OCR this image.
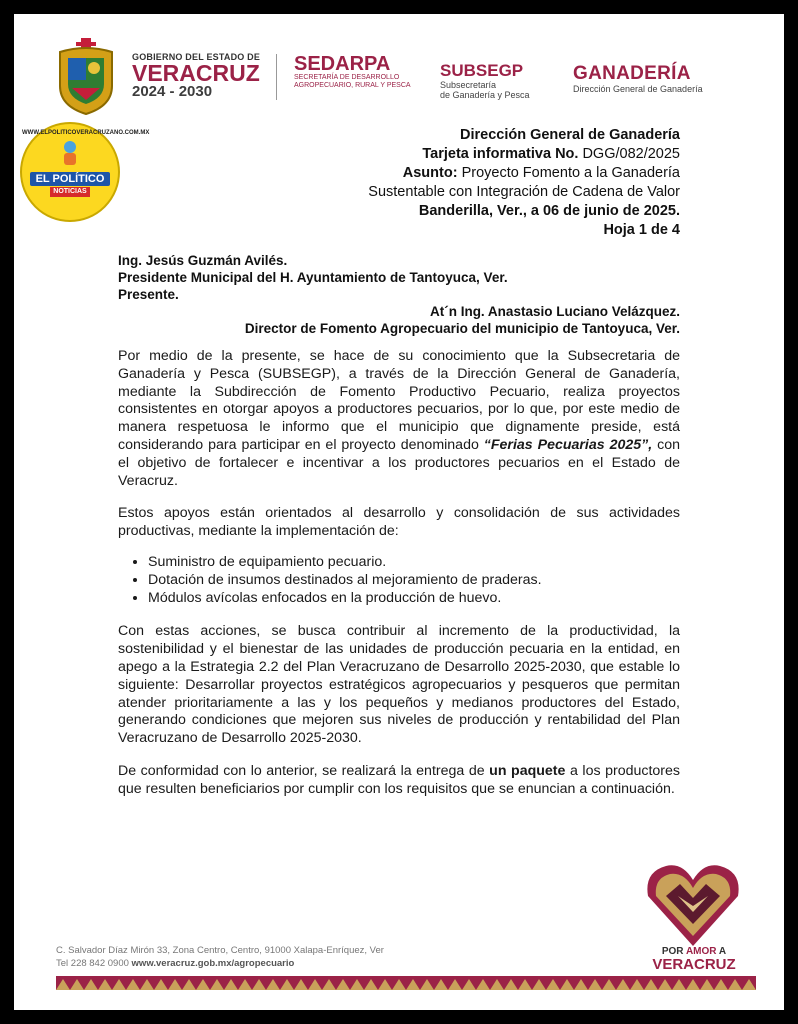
GOBIERNO DEL ESTADO DE
VERACRUZ
2024 - 2030
SEDARPA
SECRETARÍA DE DESARROLLO
AGROPECUARIO, RURAL Y PESCA
SUBSEGP
Subsecretaría
de Ganadería y Pesca
GANADERÍA
Dirección General de Ganadería
WWW.ELPOLITICOVERACRUZANO.COM.MX
EL POLÍTICO
NOTICIAS
Dirección General de Ganadería
Tarjeta informativa No. DGG/082/2025
Asunto: Proyecto Fomento a la Ganadería
Sustentable con Integración de Cadena de Valor
Banderilla, Ver., a 06 de junio de 2025.
Hoja 1 de 4
Ing. Jesús Guzmán Avilés.
Presidente Municipal del H. Ayuntamiento de Tantoyuca, Ver.
Presente.
At´n Ing. Anastasio Luciano Velázquez.
Director de Fomento Agropecuario del municipio de Tantoyuca, Ver.

Por medio de la presente, se hace de su conocimiento que la Subsecretaria de Ganadería y Pesca (SUBSEGP), a través de la Dirección General de Ganadería, mediante la Subdirección de Fomento Productivo Pecuario, realiza proyectos consistentes en otorgar apoyos a productores pecuarios, por lo que, por este medio de manera respetuosa le informo que el municipio que dignamente preside, está considerando para participar en el proyecto denominado “Ferias Pecuarias 2025”, con el objetivo de fortalecer e incentivar a los productores pecuarios en el Estado de Veracruz.

Estos apoyos están orientados al desarrollo y consolidación de sus actividades productivas, mediante la implementación de:

• Suministro de equipamiento pecuario.
• Dotación de insumos destinados al mejoramiento de praderas.
• Módulos avícolas enfocados en la producción de huevo.

Con estas acciones, se busca contribuir al incremento de la productividad, la sostenibilidad y el bienestar de las unidades de producción pecuaria en la entidad, en apego a la Estrategia 2.2 del Plan Veracruzano de Desarrollo 2025-2030, que estable lo siguiente: Desarrollar proyectos estratégicos agropecuarios y pesqueros que permitan atender prioritariamente a las y los pequeños y medianos productores del Estado, generando condiciones que mejoren sus niveles de producción y rentabilidad del Plan Veracruzano de Desarrollo 2025-2030.

De conformidad con lo anterior, se realizará la entrega de un paquete a los productores que resulten beneficiarios por cumplir con los requisitos que se enuncian a continuación.

POR AMOR A
VERACRUZ
C. Salvador Díaz Mirón 33, Zona Centro, Centro, 91000 Xalapa-Enríquez, Ver
Tel 228 842 0900 www.veracruz.gob.mx/agropecuario
